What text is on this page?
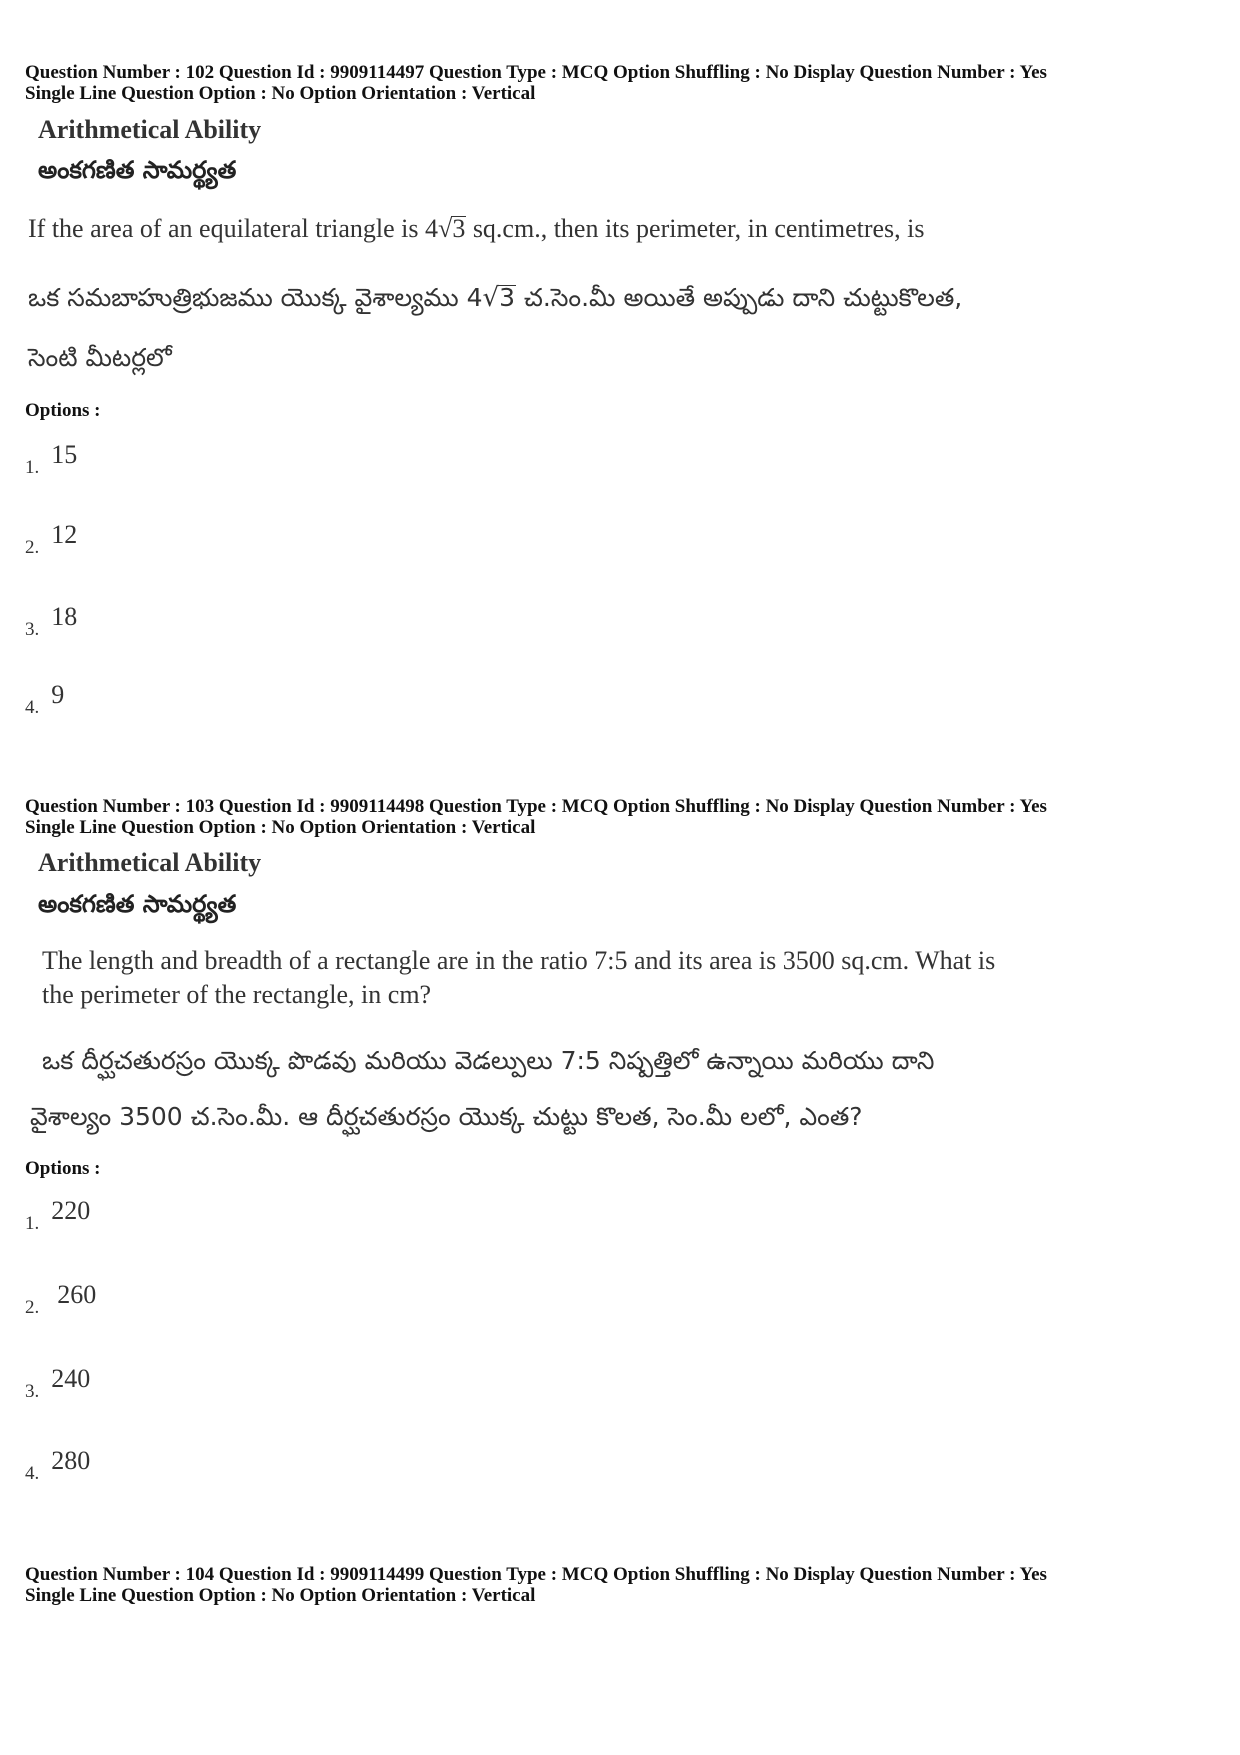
Question Number : 102 Question Id : 9909114497 Question Type : MCQ Option Shuffling : No Display Question Number : Yes
Single Line Question Option : No Option Orientation : Vertical
Arithmetical Ability
అంకగణిత సామర్థ్యత
If the area of an equilateral triangle is 4√3 sq.cm., then its perimeter, in centimetres, is
ఒక సమబాహుత్రిభుజము యొక్క వైశాల్యము 4√3 చ.సెం.మీ అయితే అప్పుడు దాని చుట్టుకొలత,
సెంటి మీటర్లలో
Options :
1. 15
2. 12
3. 18
4. 9
Question Number : 103 Question Id : 9909114498 Question Type : MCQ Option Shuffling : No Display Question Number : Yes
Single Line Question Option : No Option Orientation : Vertical
Arithmetical Ability
అంకగణిత సామర్థ్యత
The length and breadth of a rectangle are in the ratio 7:5 and its area is 3500 sq.cm. What is
the perimeter of the rectangle, in cm?
ఒక దీర్ఘచతురస్రం యొక్క పొడవు మరియు వెడల్పులు 7:5 నిష్పత్తిలో ఉన్నాయి మరియు దాని
వైశాల్యం 3500 చ.సెం.మీ. ఆ దీర్ఘచతురస్రం యొక్క చుట్టు కొలత, సెం.మీ లలో, ఎంత?
Options :
1. 220
2. 260
3. 240
4. 280
Question Number : 104 Question Id : 9909114499 Question Type : MCQ Option Shuffling : No Display Question Number : Yes
Single Line Question Option : No Option Orientation : Vertical
